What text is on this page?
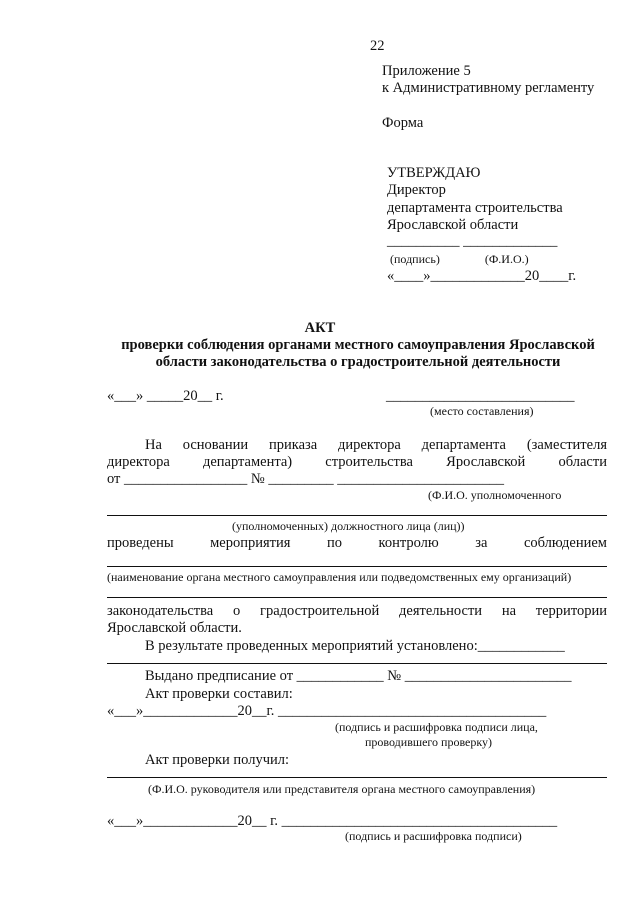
22
Приложение 5
к Административному регламенту
Форма
УТВЕРЖДАЮ
Директор
департамента строительства
Ярославской области
__________ _____________
(подпись)               (Ф.И.О.)
«____»_____________20____г.
АКТ
проверки соблюдения органами местного самоуправления Ярославской
области законодательства о градостроительной деятельности
«___» _____20__ г.	__________________________
(место составления)
На основании приказа директора департамента (заместителя
директора департамента) строительства Ярославской области
от _________________ № _________ _______________________
(Ф.И.О. уполномоченного
(уполномоченных) должностного лица (лиц))
проведены	мероприятия	по	контролю	за	соблюдением
(наименование органа местного самоуправления или подведомственных ему организаций)
законодательства о градостроительной деятельности на территории
Ярославской области.
В результате проведенных мероприятий установлено:____________
Выдано предписание от ____________ № _______________________
Акт проверки составил:
«___»_____________20__г. _____________________________________
(подпись и расшифровка подписи лица,
проводившего проверку)
Акт проверки получил:
(Ф.И.О. руководителя или представителя органа местного самоуправления)
«___»_____________20__ г. ______________________________________
(подпись и расшифровка подписи)
